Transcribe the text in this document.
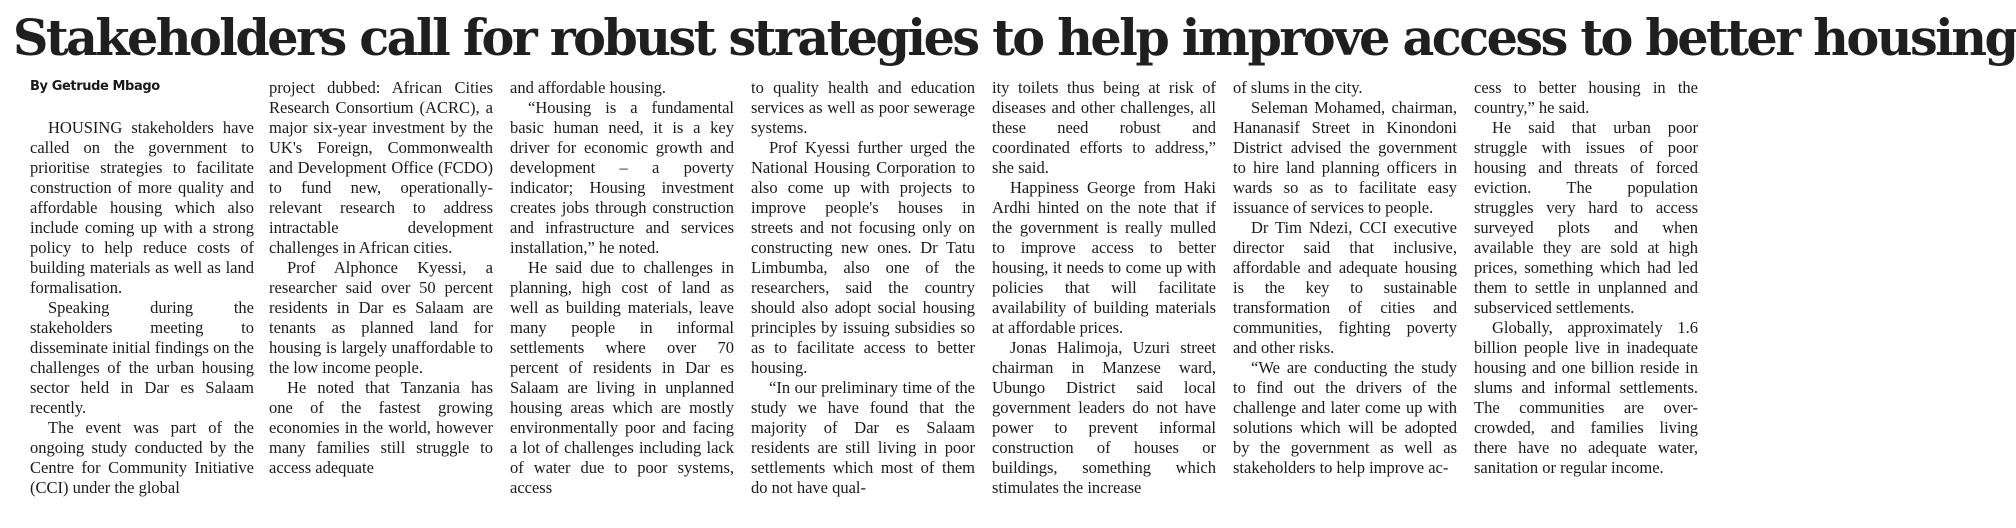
Stakeholders call for robust strategies to help improve access to better housing
By Getrude Mbago

HOUSING stakeholders have called on the government to prioritise strategies to facilitate construction of more quality and affordable housing which also include coming up with a strong policy to help reduce costs of building materials as well as land formalisation.

Speaking during the stakeholders meeting to disseminate initial findings on the challenges of the urban housing sector held in Dar es Salaam recently.

The event was part of the ongoing study conducted by the Centre for Community Initiative (CCI) under the global

project dubbed: African Cities Research Consortium (ACRC), a major six-year investment by the UK's Foreign, Commonwealth and Development Office (FCDO) to fund new, operationally-relevant research to address intractable development challenges in African cities.

Prof Alphonce Kyessi, a researcher said over 50 percent residents in Dar es Salaam are tenants as planned land for housing is largely unaffordable to the low income people.

He noted that Tanzania has one of the fastest growing economies in the world, however many families still struggle to access adequate

and affordable housing.

“Housing is a fundamental basic human need, it is a key driver for economic growth and development – a poverty indicator; Housing investment creates jobs through construction and infrastructure and services installation,” he noted.

He said due to challenges in planning, high cost of land as well as building materials, leave many people in informal settlements where over 70 percent of residents in Dar es Salaam are living in unplanned housing areas which are mostly environmentally poor and facing a lot of challenges including lack of water due to poor systems, access

to quality health and education services as well as poor sewerage systems.

Prof Kyessi further urged the National Housing Corporation to also come up with projects to improve people's houses in streets and not focusing only on constructing new ones. Dr Tatu Limbumba, also one of the researchers, said the country should also adopt social housing principles by issuing subsidies so as to facilitate access to better housing.

“In our preliminary time of the study we have found that the majority of Dar es Salaam residents are still living in poor settlements which most of them do not have qual-

ity toilets thus being at risk of diseases and other challenges, all these need robust and coordinated efforts to address,” she said.

Happiness George from Haki Ardhi hinted on the note that if the government is really mulled to improve access to better housing, it needs to come up with policies that will facilitate availability of building materials at affordable prices.

Jonas Halimoja, Uzuri street chairman in Manzese ward, Ubungo District said local government leaders do not have power to prevent informal construction of houses or buildings, something which stimulates the increase

of slums in the city.

Seleman Mohamed, chairman, Hananasif Street in Kinondoni District advised the government to hire land planning officers in wards so as to facilitate easy issuance of services to people.

Dr Tim Ndezi, CCI executive director said that inclusive, affordable and adequate housing is the key to sustainable transformation of cities and communities, fighting poverty and other risks.

“We are conducting the study to find out the drivers of the challenge and later come up with solutions which will be adopted by the government as well as stakeholders to help improve ac-

cess to better housing in the country,” he said.

He said that urban poor struggle with issues of poor housing and threats of forced eviction. The population struggles very hard to access surveyed plots and when available they are sold at high prices, something which had led them to settle in unplanned and subserviced settlements.

Globally, approximately 1.6 billion people live in inadequate housing and one billion reside in slums and informal settlements. The communities are over-crowded, and families living there have no adequate water, sanitation or regular income.
